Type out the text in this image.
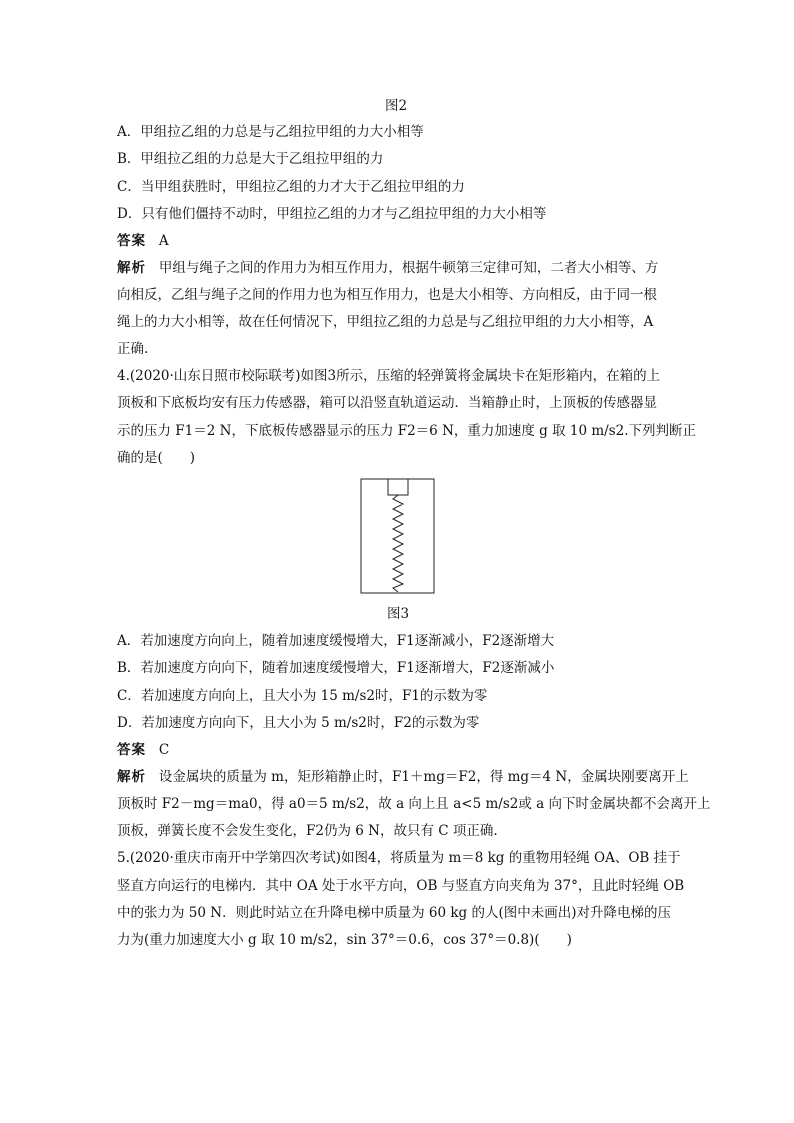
图2
A．甲组拉乙组的力总是与乙组拉甲组的力大小相等
B．甲组拉乙组的力总是大于乙组拉甲组的力
C．当甲组获胜时，甲组拉乙组的力才大于乙组拉甲组的力
D．只有他们僵持不动时，甲组拉乙组的力才与乙组拉甲组的力大小相等
答案 A
解析 甲组与绳子之间的作用力为相互作用力，根据牛顿第三定律可知，二者大小相等、方
向相反，乙组与绳子之间的作用力也为相互作用力，也是大小相等、方向相反，由于同一根
绳上的力大小相等，故在任何情况下，甲组拉乙组的力总是与乙组拉甲组的力大小相等，A
正确.
4.(2020·山东日照市校际联考)如图3所示，压缩的轻弹簧将金属块卡在矩形箱内，在箱的上
顶板和下底板均安有压力传感器，箱可以沿竖直轨道运动．当箱静止时，上顶板的传感器显
示的压力 F1＝2 N，下底板传感器显示的压力 F2＝6 N，重力加速度 g 取 10 m/s2.下列判断正
确的是(　　)
图3
A．若加速度方向向上，随着加速度缓慢增大，F1逐渐减小，F2逐渐增大
B．若加速度方向向下，随着加速度缓慢增大，F1逐渐增大，F2逐渐减小
C．若加速度方向向上，且大小为 15 m/s2时，F1的示数为零
D．若加速度方向向下，且大小为 5 m/s2时，F2的示数为零
答案 C
解析 设金属块的质量为 m，矩形箱静止时，F1＋mg＝F2，得 mg＝4 N，金属块刚要离开上
顶板时 F2－mg＝ma0，得 a0＝5 m/s2，故 a 向上且 a<5 m/s2或 a 向下时金属块都不会离开上
顶板，弹簧长度不会发生变化，F2仍为 6 N，故只有 C 项正确.
5.(2020·重庆市南开中学第四次考试)如图4，将质量为 m＝8 kg 的重物用轻绳 OA、OB 挂于
竖直方向运行的电梯内．其中 OA 处于水平方向，OB 与竖直方向夹角为 37°，且此时轻绳 OB
中的张力为 50 N．则此时站立在升降电梯中质量为 60 kg 的人(图中未画出)对升降电梯的压
力为(重力加速度大小 g 取 10 m/s2，sin 37°＝0.6，cos 37°＝0.8)(　　)
